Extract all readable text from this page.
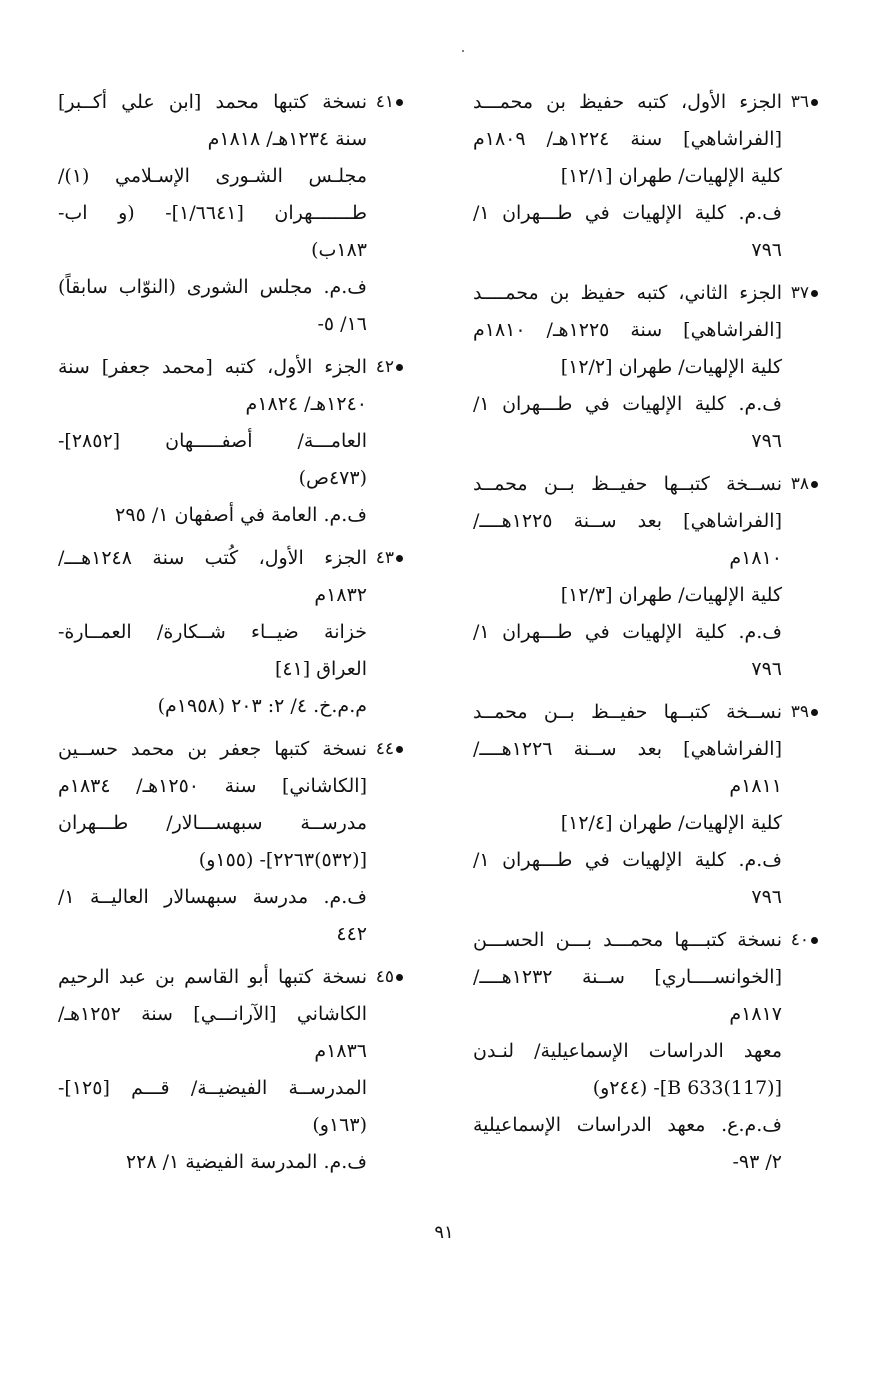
٣٦
الجزء الأول، كتبه حفيظ بن محمـــد
[الفراشاهي] سنة ١٢٢٤هـ/ ١٨٠٩م
كلية الإلهيات/ طهران [١٢/١]
ف.م. كلية الإلهيات في طـــهران ١/
٧٩٦
٣٧
الجزء الثاني، كتبه حفيظ بن محمــــد
[الفراشاهي] سنة ١٢٢٥هـ/ ١٨١٠م
كلية الإلهيات/ طهران [١٢/٢]
ف.م. كلية الإلهيات في طـــهران ١/
٧٩٦
٣٨
نســخة كتبــها حفيــظ بــن محمــد
[الفراشاهي] بعد ســنة ١٢٢٥هــــ/
١٨١٠م
كلية الإلهيات/ طهران [١٢/٣]
ف.م. كلية الإلهيات في طـــهران ١/
٧٩٦
٣٩
نســخة كتبــها حفيــظ بــن محمــد
[الفراشاهي] بعد ســنة ١٢٢٦هــــ/
١٨١١م
كلية الإلهيات/ طهران [١٢/٤]
ف.م. كلية الإلهيات في طـــهران ١/
٧٩٦
٤٠
نسخة كتبـــها محمـــد بـــن الحســـن
[الخوانســــاري] ســنة ١٢٣٢هــــ/
١٨١٧م
معهد الدراسات الإسماعيلية/ لنـدن
[B 633(117)]- (٢٤٤و)
ف.م.ع. معهد الدراسات الإسماعيلية
٢/ ٩٣-
٤١
نسخة كتبها محمد [ابن علي أكــبر]
سنة ١٢٣٤هـ/ ١٨١٨م
مجلـس الشـورى الإسـلامي (١)/
طـــــــهران [١/٦٦٤١]- (و اب-
١٨٣ب)
ف.م. مجلس الشورى (النوّاب سابقاً)
١٦/ ٥-
٤٢
الجزء الأول، كتبه [محمد جعفر] سنة
١٢٤٠هـ/ ١٨٢٤م
العامـــة/ أصفـــــهان [٢٨٥٢]-
(٤٧٣ص)
ف.م. العامة في أصفهان ١/ ٢٩٥
٤٣
الجزء الأول، كُتب سنة ١٢٤٨هـــ/
١٨٣٢م
خزانة ضيــاء شــكارة/ العمــارة-
العراق [٤١]
م.م.خ. ٤/ ٢: ٢٠٣ (١٩٥٨م)
٤٤
نسخة كتبها جعفر بن محمد حســين
[الكاشاني] سنة ١٢٥٠هـ/ ١٨٣٤م
مدرســة سبهســـالار/ طـــهران
[(٥٣٢)٢٢٦٣]- (١٥٥و)
ف.م. مدرسة سبهسالار العاليــة ١/
٤٤٢
٤٥
نسخة كتبها أبو القاسم بن عبد الرحيم
الكاشاني [الآرانـــي] سنة ١٢٥٢هـ/
١٨٣٦م
المدرســة الفيضيــة/ قـــم [١٢٥]-
(١٦٣و)
ف.م. المدرسة الفيضية ١/ ٢٢٨
٩١
